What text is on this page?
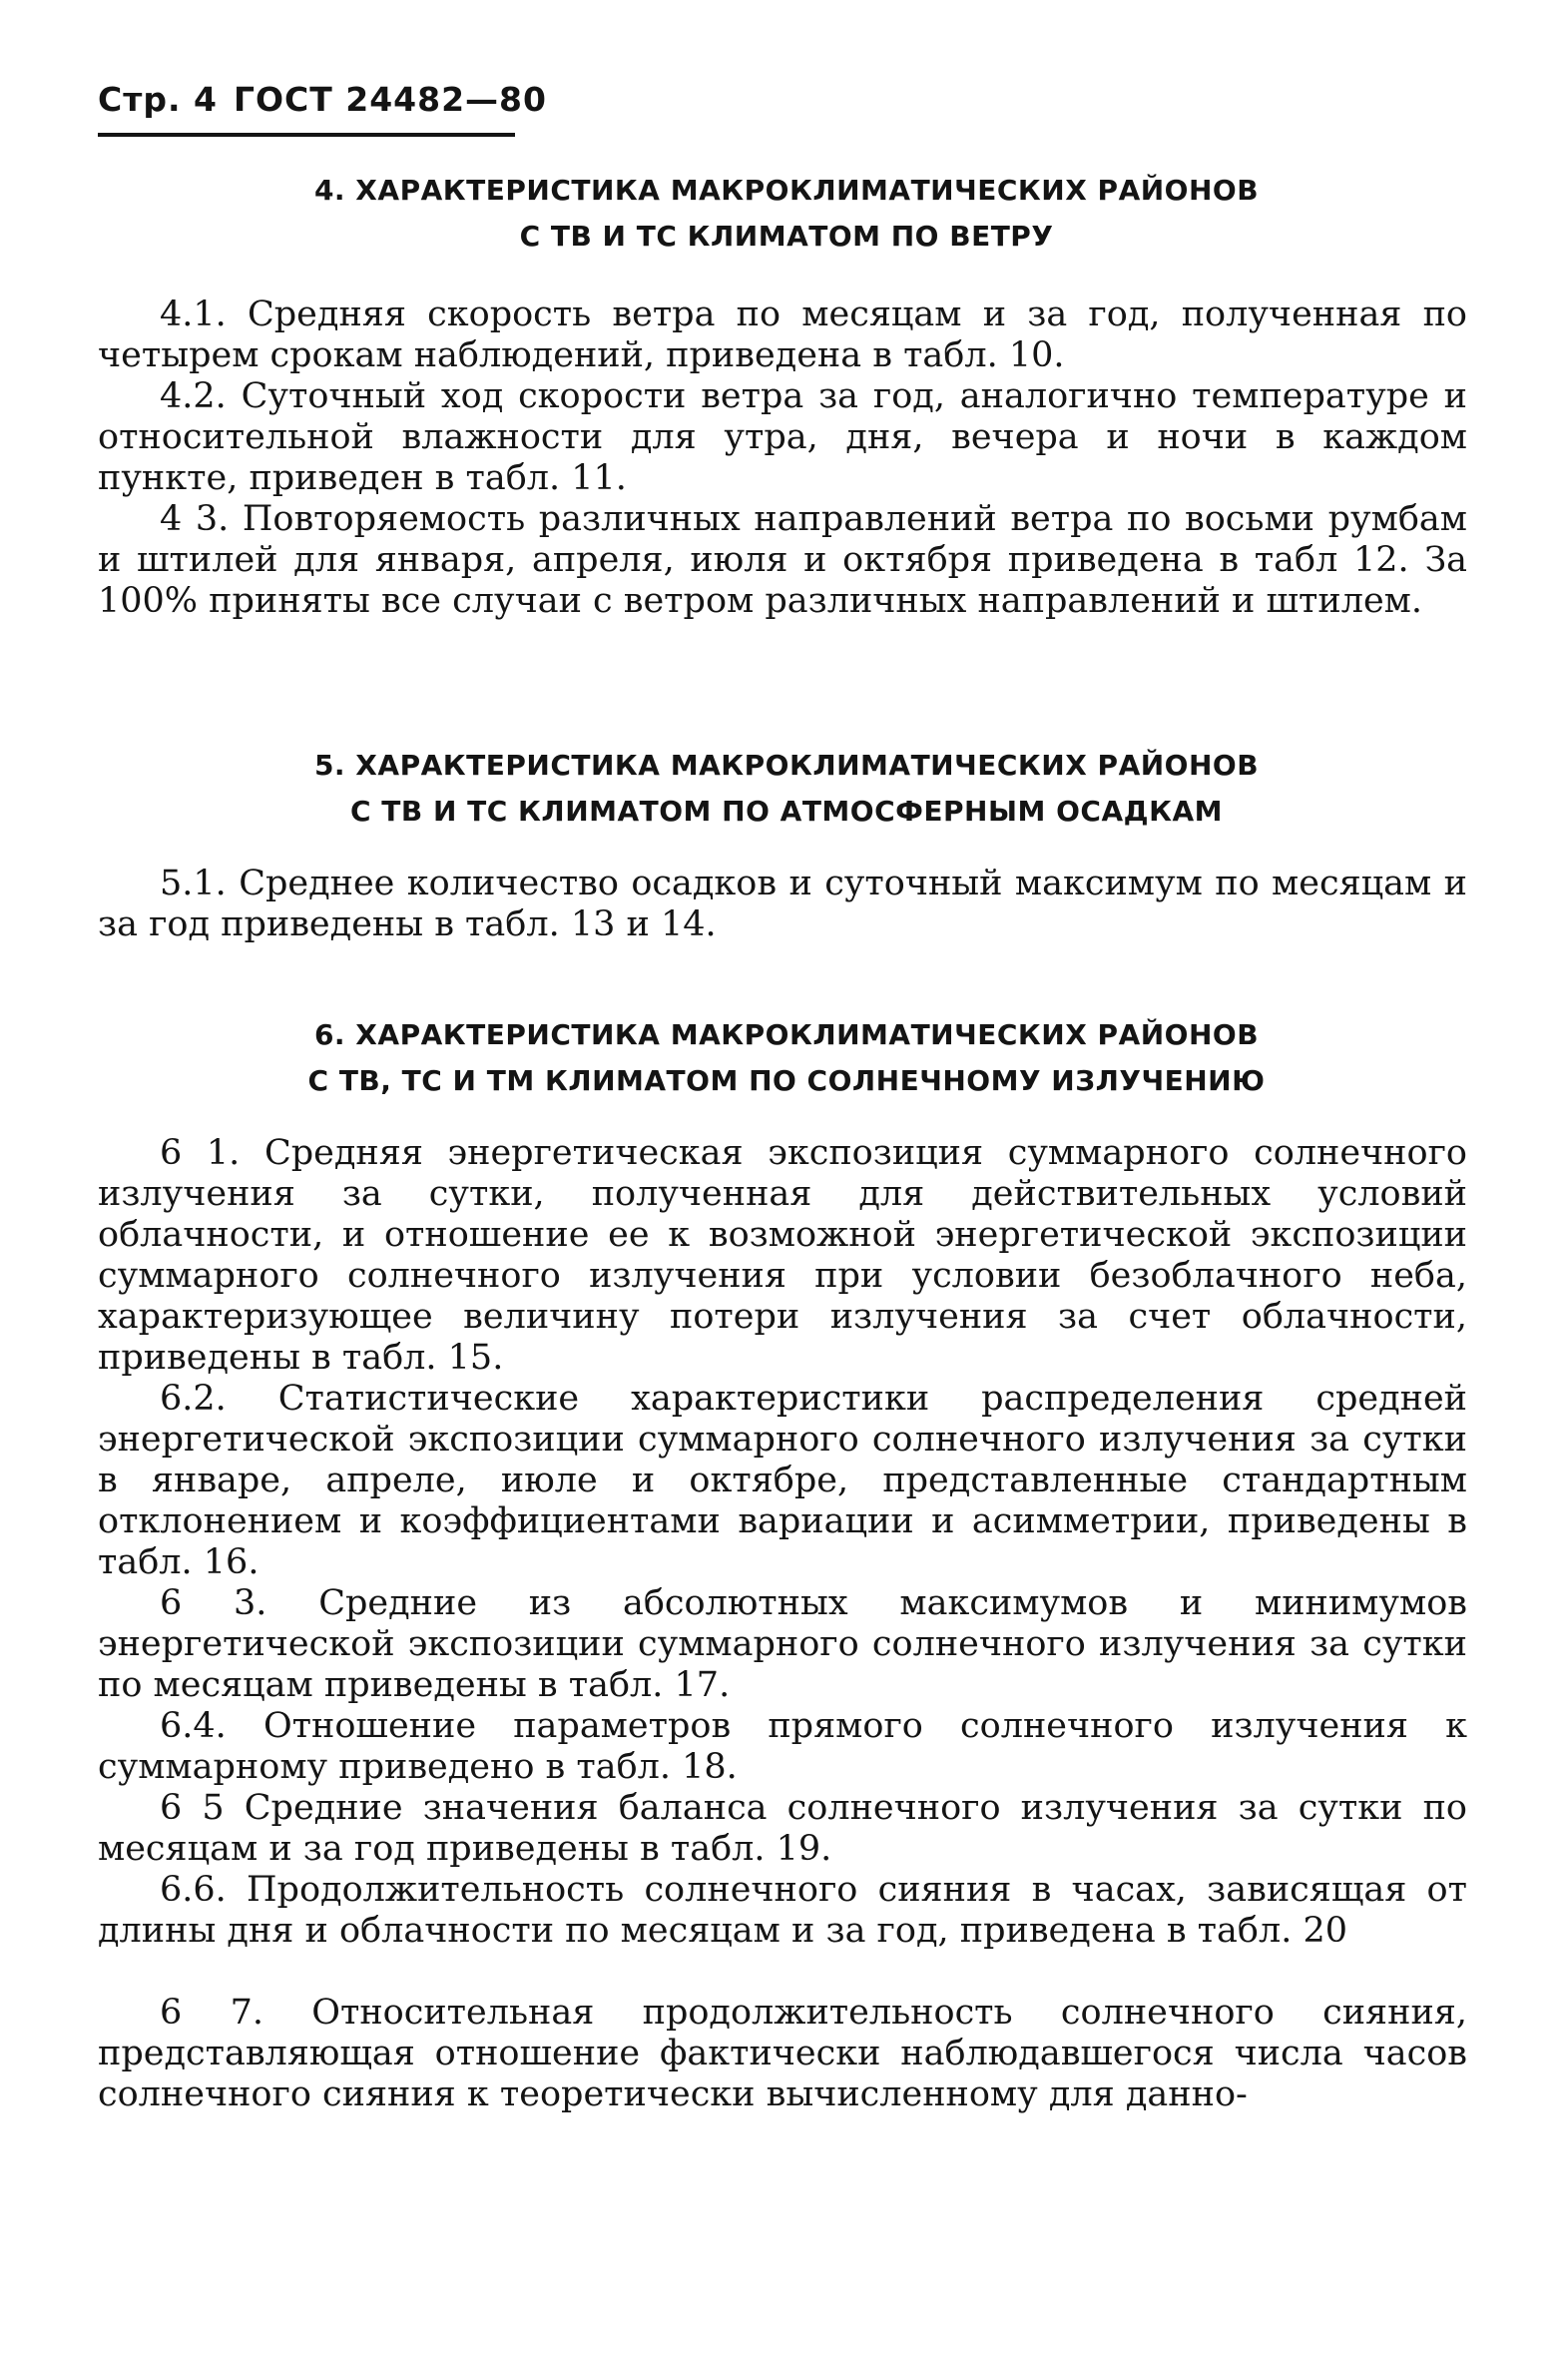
Стр. 4 ГОСТ 24482—80
4. ХАРАКТЕРИСТИКА МАКРОКЛИМАТИЧЕСКИХ РАЙОНОВ
С ТВ И ТС КЛИМАТОМ ПО ВЕТРУ
4.1. Средняя скорость ветра по месяцам и за год, полученная по четырем срокам наблюдений, приведена в табл. 10.
4.2. Суточный ход скорости ветра за год, аналогично температуре и относительной влажности для утра, дня, вечера и ночи в каждом пункте, приведен в табл. 11.
4 3. Повторяемость различных направлений ветра по восьми румбам и штилей для января, апреля, июля и октября приведена в табл 12. За 100% приняты все случаи с ветром различных направлений и штилем.
5. ХАРАКТЕРИСТИКА МАКРОКЛИМАТИЧЕСКИХ РАЙОНОВ
С ТВ И ТС КЛИМАТОМ ПО АТМОСФЕРНЫМ ОСАДКАМ
5.1. Среднее количество осадков и суточный максимум по месяцам и за год приведены в табл. 13 и 14.
6. ХАРАКТЕРИСТИКА МАКРОКЛИМАТИЧЕСКИХ РАЙОНОВ
С ТВ, ТС И ТМ КЛИМАТОМ ПО СОЛНЕЧНОМУ ИЗЛУЧЕНИЮ
6 1. Средняя энергетическая экспозиция суммарного солнечного излучения за сутки, полученная для действительных условий облачности, и отношение ее к возможной энергетической экспозиции суммарного солнечного излучения при условии безоблачного неба, характеризующее величину потери излучения за счет облачности, приведены в табл. 15.
6.2. Статистические характеристики распределения средней энергетической экспозиции суммарного солнечного излучения за сутки в январе, апреле, июле и октябре, представленные стандартным отклонением и коэффициентами вариации и асимметрии, приведены в табл. 16.
6 3. Средние из абсолютных максимумов и минимумов энергетической экспозиции суммарного солнечного излучения за сутки по месяцам приведены в табл. 17.
6.4. Отношение параметров прямого солнечного излучения к суммарному приведено в табл. 18.
6 5 Средние значения баланса солнечного излучения за сутки по месяцам и за год приведены в табл. 19.
6.6. Продолжительность солнечного сияния в часах, зависящая от длины дня и облачности по месяцам и за год, приведена в табл. 20
6 7. Относительная продолжительность солнечного сияния, представляющая отношение фактически наблюдавшегося числа часов солнечного сияния к теоретически вычисленному для данно-
